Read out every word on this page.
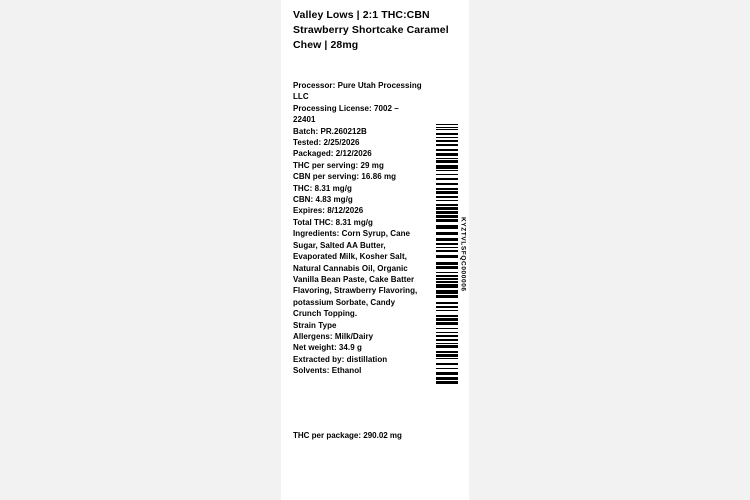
Valley Lows | 2:1 THC:CBN Strawberry Shortcake Caramel Chew | 28mg
Processor: Pure Utah Processing LLC
Processing License: 7002 – 22401
Batch: PR.260212B
Tested: 2/25/2026
Packaged: 2/12/2026
THC per serving: 29 mg
CBN per serving: 16.86 mg
THC: 8.31 mg/g
CBN: 4.83 mg/g
Expires: 8/12/2026
Total THC: 8.31 mg/g
Ingredients: Corn Syrup, Cane Sugar, Salted AA Butter, Evaporated Milk, Kosher Salt, Natural Cannabis Oil, Organic Vanilla Bean Paste, Cake Batter Flavoring, Strawberry Flavoring, potassium Sorbate, Candy Crunch Topping.
Strain Type
Allergens: Milk/Dairy
Net weight: 34.9 g
Extracted by: distillation
Solvents: Ethanol
THC per package: 290.02 mg
KYZTVLSFQC000006
